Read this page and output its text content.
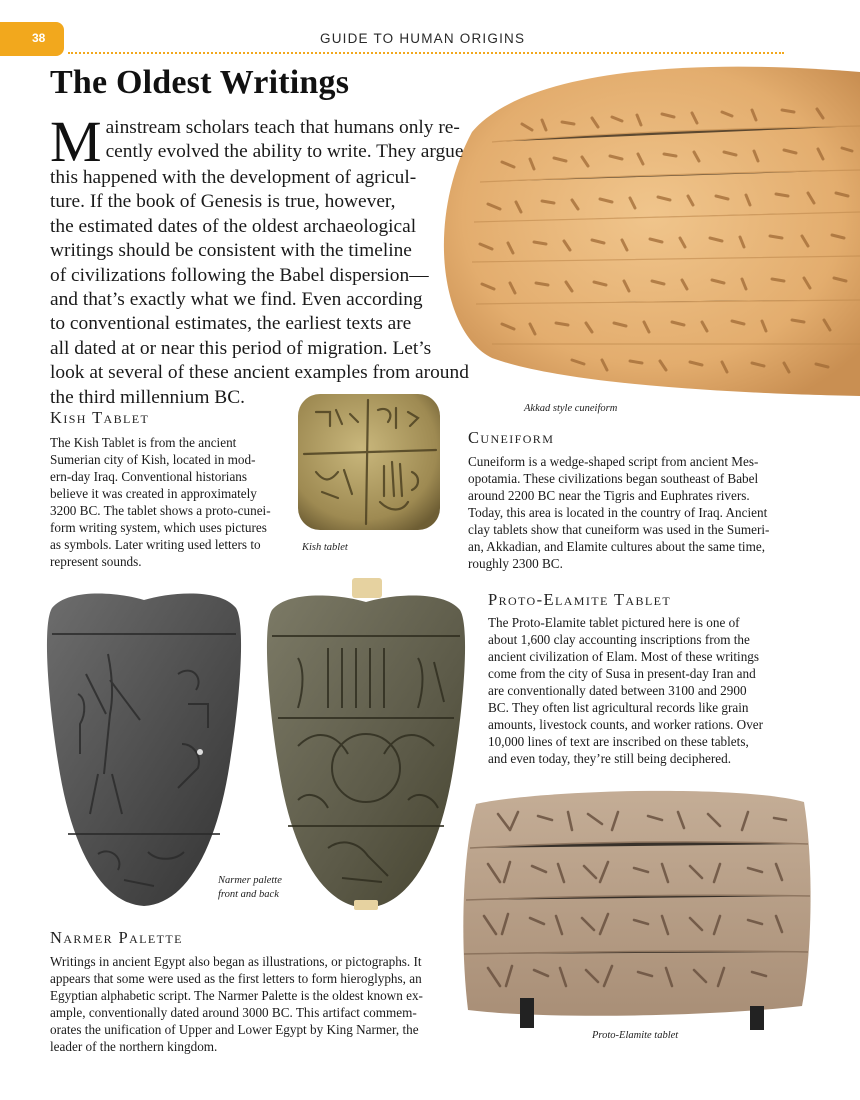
38	GUIDE TO HUMAN ORIGINS
The Oldest Writings
M ainstream scholars teach that humans only re-
cently evolved the ability to write. They argue
this happened with the development of agricul-
ture. If the book of Genesis is true, however,
the estimated dates of the oldest archaeological
writings should be consistent with the timeline
of civilizations following the Babel dispersion—
and that’s exactly what we find. Even according
to conventional estimates, the earliest texts are
all dated at or near this period of migration. Let’s
look at several of these ancient examples from around
the third millennium BC.
Akkad style cuneiform
Kish Tablet
The Kish Tablet is from the ancient
Sumerian city of Kish, located in mod-
ern-day Iraq. Conventional historians
believe it was created in approximately
3200 BC. The tablet shows a proto-cunei-
form writing system, which uses pictures
as symbols. Later writing used letters to
represent sounds.
Kish tablet
Cuneiform
Cuneiform is a wedge-shaped script from ancient Mes-
opotamia. These civilizations began southeast of Babel
around 2200 BC near the Tigris and Euphrates rivers.
Today, this area is located in the country of Iraq. Ancient
clay tablets show that cuneiform was used in the Sumeri-
an, Akkadian, and Elamite cultures about the same time,
roughly 2300 BC.
Narmer palette
front and back
Proto-Elamite Tablet
The Proto-Elamite tablet pictured here is one of
about 1,600 clay accounting inscriptions from the
ancient civilization of Elam. Most of these writings
come from the city of Susa in present-day Iran and
are conventionally dated between 3100 and 2900
BC. They often list agricultural records like grain
amounts, livestock counts, and worker rations. Over
10,000 lines of text are inscribed on these tablets,
and even today, they’re still being deciphered.
Proto-Elamite tablet
Narmer Palette
Writings in ancient Egypt also began as illustrations, or pictographs. It
appears that some were used as the first letters to form hieroglyphs, an
Egyptian alphabetic script. The Narmer Palette is the oldest known ex-
ample, conventionally dated around 3000 BC. This artifact commem-
orates the unification of Upper and Lower Egypt by King Narmer, the
leader of the northern kingdom.
